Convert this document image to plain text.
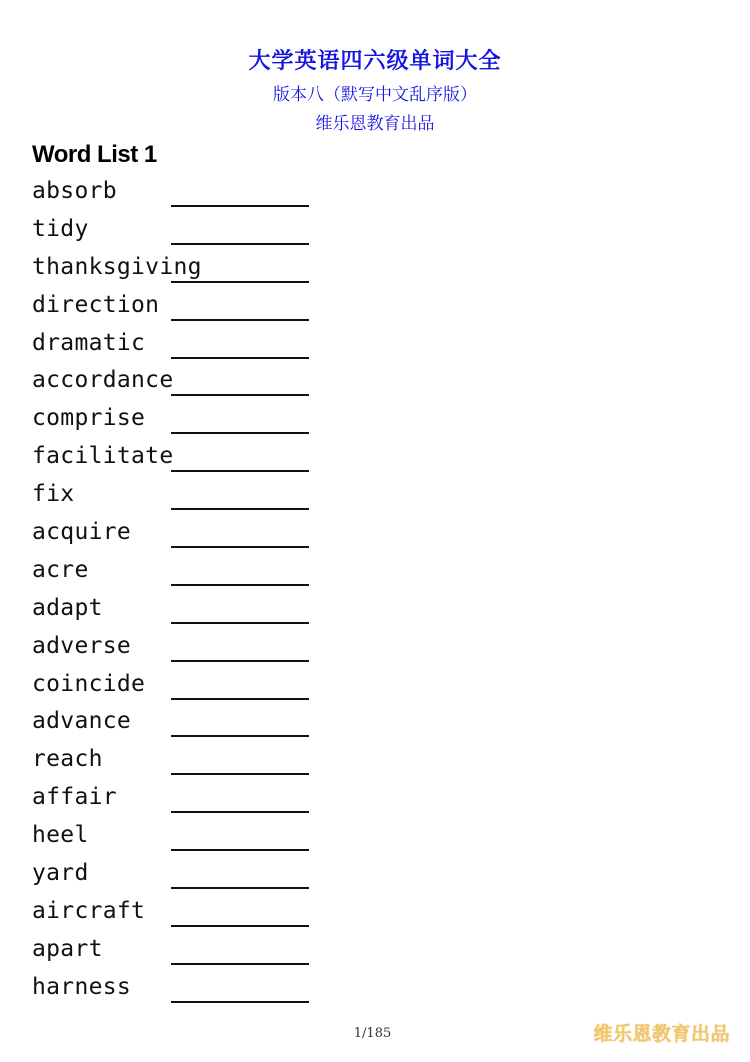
大学英语四六级单词大全
版本八（默写中文乱序版）
维乐恩教育出品
Word List 1
absorb
tidy
thanksgiving
direction
dramatic
accordance
comprise
facilitate
fix
acquire
acre
adapt
adverse
coincide
advance
reach
affair
heel
yard
aircraft
apart
harness
1/185	维乐恩教育出品
